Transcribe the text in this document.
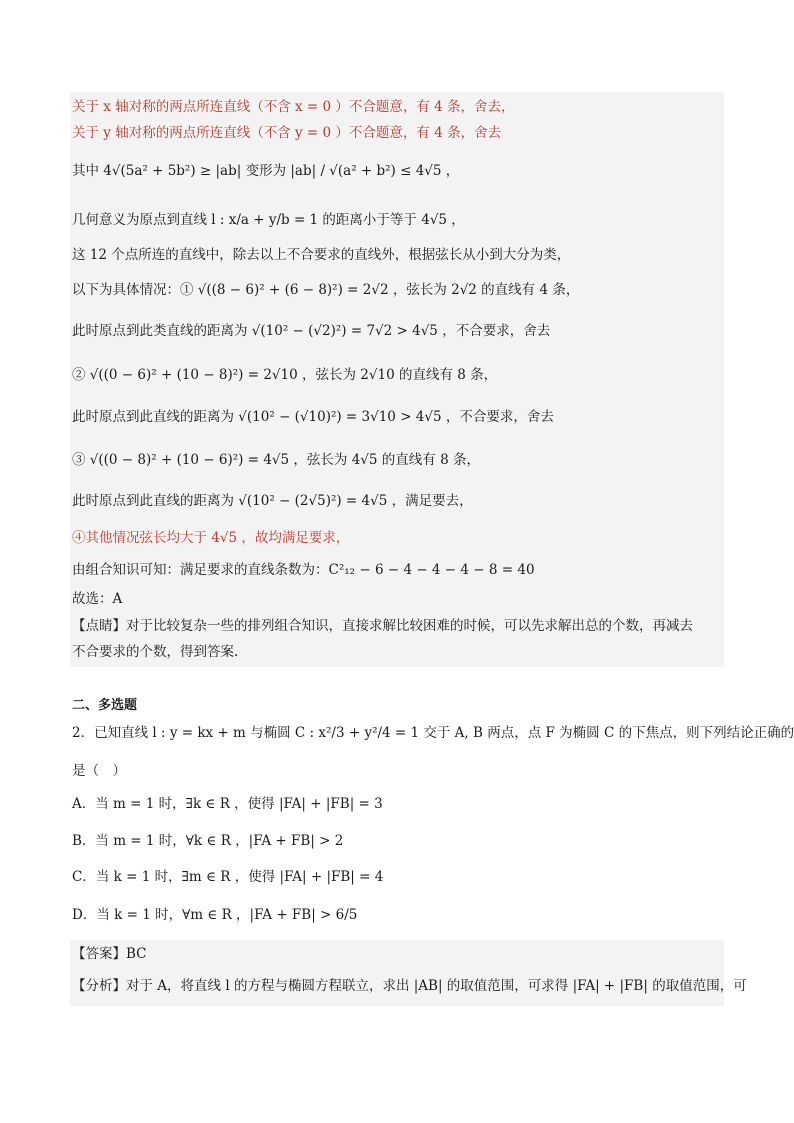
关于 x 轴对称的两点所连直线（不含 x = 0 ）不合题意，有 4 条，舍去，
关于 y 轴对称的两点所连直线（不含 y = 0 ）不合题意，有 4 条，舍去
其中 4√(5a² + 5b²) ≥ |ab| 变形为 |ab| / √(a² + b²) ≤ 4√5 ，
几何意义为原点到直线 l : x/a + y/b = 1 的距离小于等于 4√5 ，
这 12 个点所连的直线中，除去以上不合要求的直线外，根据弦长从小到大分为类，
以下为具体情况：① √((8 − 6)² + (6 − 8)²) = 2√2 ，弦长为 2√2 的直线有 4 条，
此时原点到此类直线的距离为 √(10² − (√2)²) = 7√2 > 4√5 ，不合要求，舍去
② √((0 − 6)² + (10 − 8)²) = 2√10 ，弦长为 2√10 的直线有 8 条，
此时原点到此直线的距离为 √(10² − (√10)²) = 3√10 > 4√5 ，不合要求，舍去
③ √((0 − 8)² + (10 − 6)²) = 4√5 ，弦长为 4√5 的直线有 8 条，
此时原点到此直线的距离为 √(10² − (2√5)²) = 4√5 ，满足要去，
④其他情况弦长均大于 4√5 ，故均满足要求，
由组合知识可知：满足要求的直线条数为：C²₁₂ − 6 − 4 − 4 − 4 − 8 = 40
故选：A
【点睛】对于比较复杂一些的排列组合知识，直接求解比较困难的时候，可以先求解出总的个数，再减去
不合要求的个数，得到答案.
二、多选题
2．已知直线 l : y = kx + m 与椭圆 C : x²/3 + y²/4 = 1 交于 A, B 两点，点 F 为椭圆 C 的下焦点，则下列结论正确的
是（　）
A．当 m = 1 时，∃k ∈ R ，使得 |FA| + |FB| = 3
B．当 m = 1 时，∀k ∈ R ，|FA + FB| > 2
C．当 k = 1 时，∃m ∈ R ，使得 |FA| + |FB| = 4
D．当 k = 1 时，∀m ∈ R ，|FA + FB| > 6/5
【答案】BC
【分析】对于 A，将直线 l 的方程与椭圆方程联立，求出 |AB| 的取值范围，可求得 |FA| + |FB| 的取值范围，可
